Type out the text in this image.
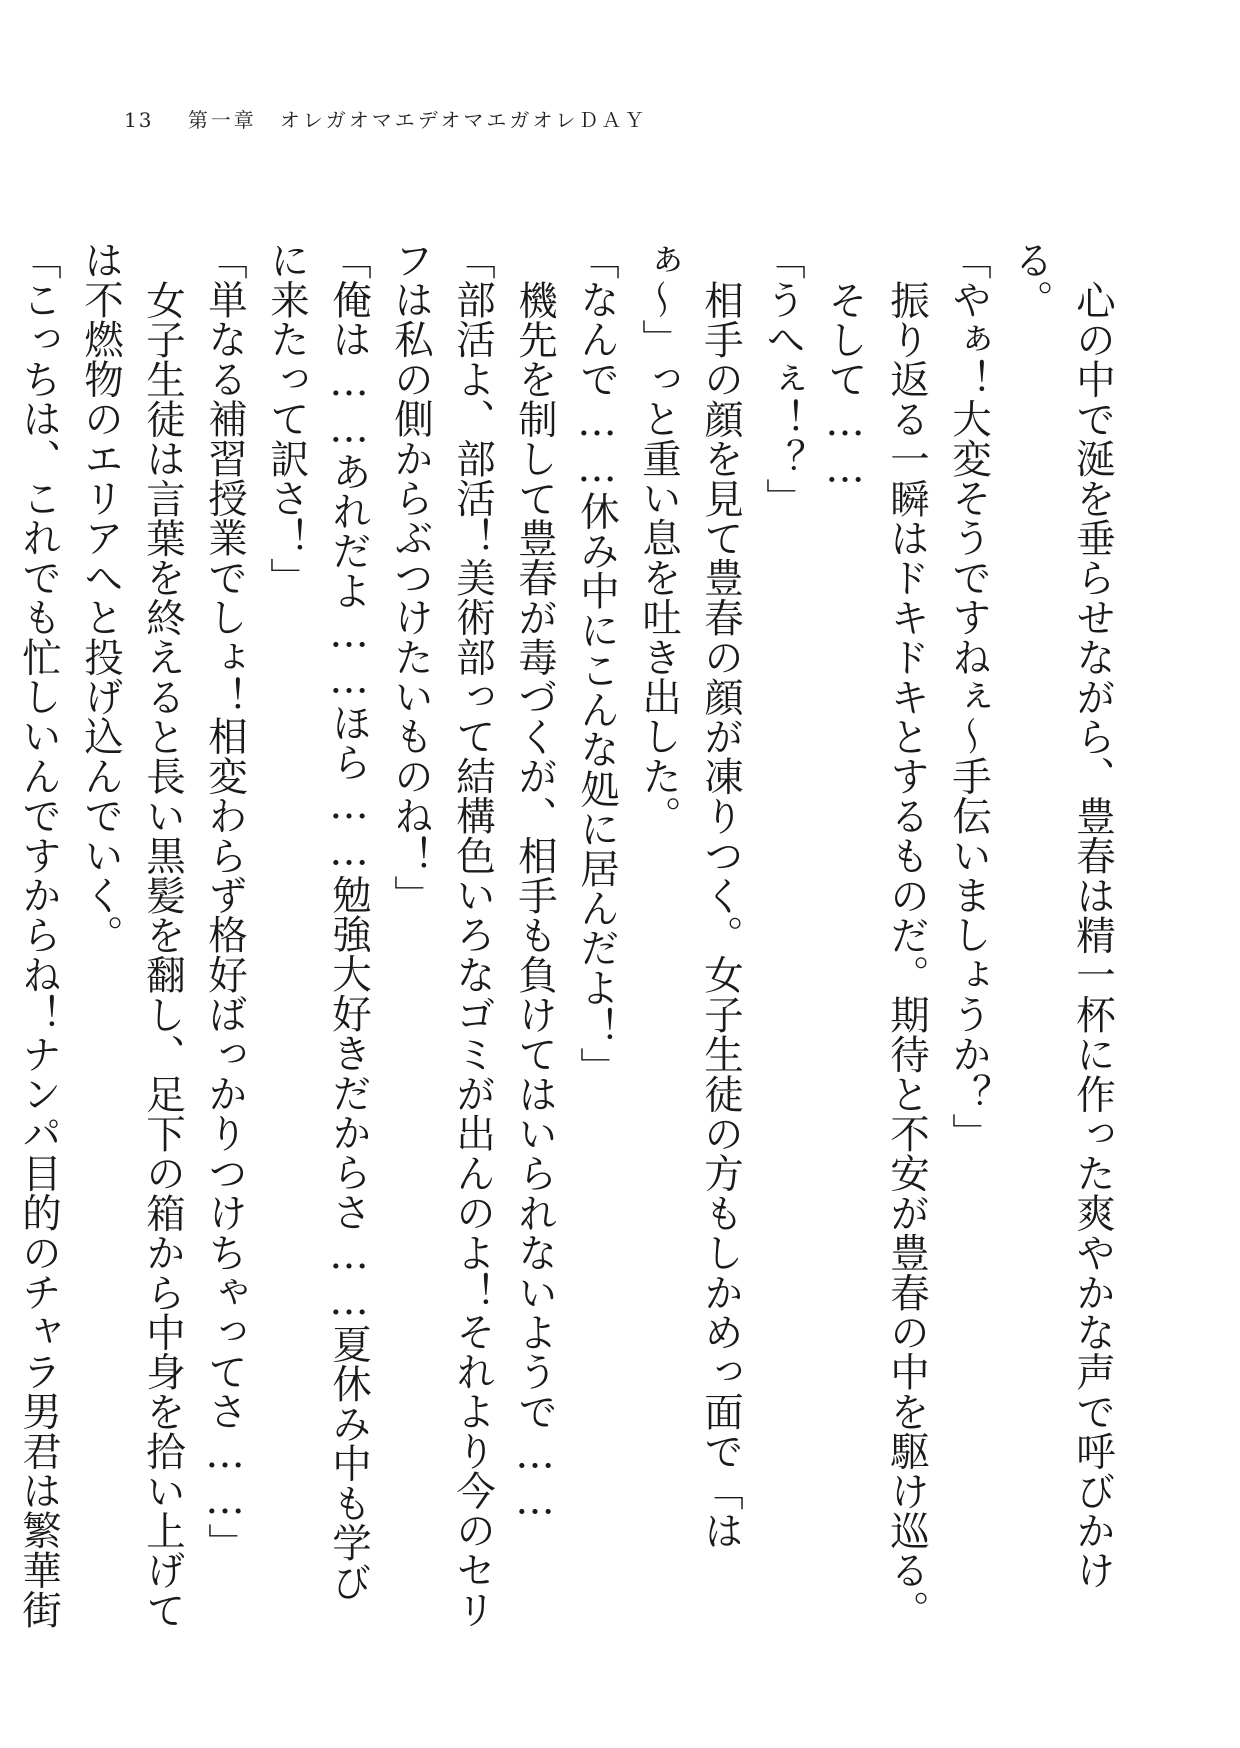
13 第一章　オレガオマエデオマエガオレＤＡＹ

心の中で涎を垂らせながら、豊春は精一杯に作った爽やかな声で呼びかける。

「やぁ！大変そうですねぇ〜手伝いましょうか？」

振り返る一瞬はドキドキとするものだ。期待と不安が豊春の中を駆け巡る。

そして……

「うへぇ！？」

相手の顔を見て豊春の顔が凍りつく。女子生徒の方もしかめっ面で「はぁ〜」っと重い息を吐き出した。

「なんで……休み中にこんな処に居んだよ！」

機先を制して豊春が毒づくが、相手も負けてはいられないようで……

「部活よ、部活！美術部って結構色いろなゴミが出んのよ！それより今のセリフは私の側からぶつけたいものね！」

「俺は……あれだよ……ほら……勉強大好きだからさ……夏休み中も学びに来たって訳さ！」

「単なる補習授業でしょ！相変わらず格好ばっかりつけちゃってさ……」

女子生徒は言葉を終えると長い黒髪を翻し、足下の箱から中身を拾い上げては不燃物のエリアへと投げ込んでいく。

「こっちは、これでも忙しいんですからね！ナンパ目的のチャラ男君は繁華街
